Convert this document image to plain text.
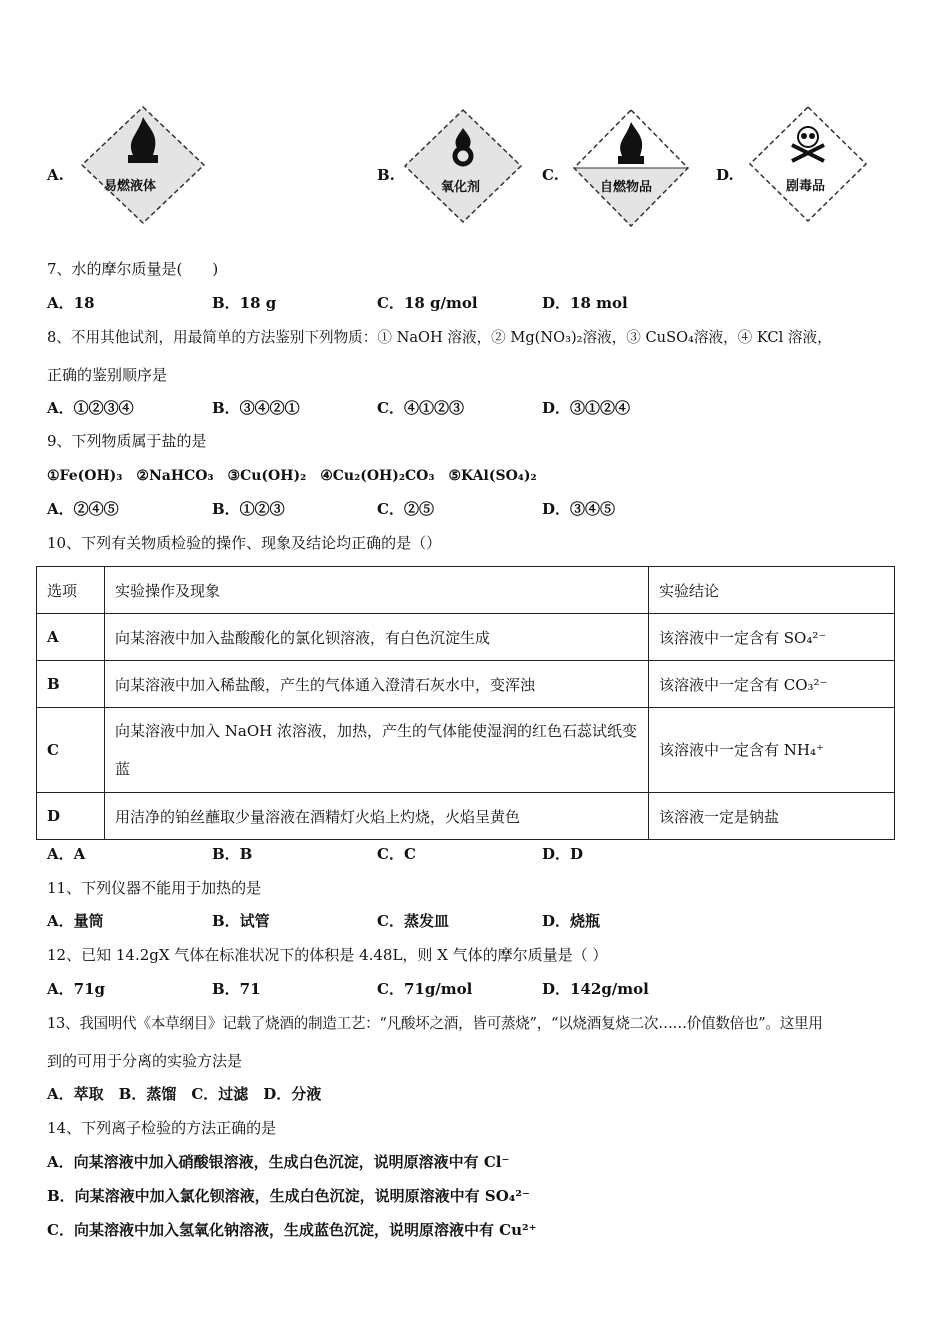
A.	B.	C.	D.
易燃液体	氧化剂	自燃物品	剧毒品
7、水的摩尔质量是(　　)
A．18	B．18 g	C．18 g/mol	D．18 mol
8、不用其他试剂，用最简单的方法鉴别下列物质：① NaOH 溶液，② Mg(NO₃)₂溶液，③ CuSO₄溶液，④ KCl 溶液，
正确的鉴别顺序是
A．①②③④	B．③④②①	C．④①②③	D．③①②④
9、下列物质属于盐的是
①Fe(OH)₃　②NaHCO₃　③Cu(OH)₂　④Cu₂(OH)₂CO₃　⑤KAl(SO₄)₂
A．②④⑤	B．①②③	C．②⑤	D．③④⑤
10、下列有关物质检验的操作、现象及结论均正确的是（）
选项	实验操作及现象	实验结论
A	向某溶液中加入盐酸酸化的氯化钡溶液，有白色沉淀生成	该溶液中一定含有 SO₄²⁻
B	向某溶液中加入稀盐酸，产生的气体通入澄清石灰水中，变浑浊	该溶液中一定含有 CO₃²⁻
C	向某溶液中加入 NaOH 浓溶液，加热，产生的气体能使湿润的红色石蕊试纸变蓝	该溶液中一定含有 NH₄⁺
D	用洁净的铂丝蘸取少量溶液在酒精灯火焰上灼烧，火焰呈黄色	该溶液一定是钠盐
A．A	B．B	C．C	D．D
11、下列仪器不能用于加热的是
A．量筒	B．试管	C．蒸发皿	D．烧瓶
12、已知 14.2gX 气体在标准状况下的体积是 4.48L，则 X 气体的摩尔质量是（ ）
A．71g	B．71	C．71g/mol	D．142g/mol
13、我国明代《本草纲目》记载了烧酒的制造工艺：“凡酸坏之酒，皆可蒸烧”，“以烧酒复烧二次……价值数倍也”。这里用
到的可用于分离的实验方法是
A．萃取　B．蒸馏　C．过滤　D．分液
14、下列离子检验的方法正确的是
A．向某溶液中加入硝酸银溶液，生成白色沉淀，说明原溶液中有 Cl⁻
B．向某溶液中加入氯化钡溶液，生成白色沉淀，说明原溶液中有 SO₄²⁻
C．向某溶液中加入氢氧化钠溶液，生成蓝色沉淀，说明原溶液中有 Cu²⁺
